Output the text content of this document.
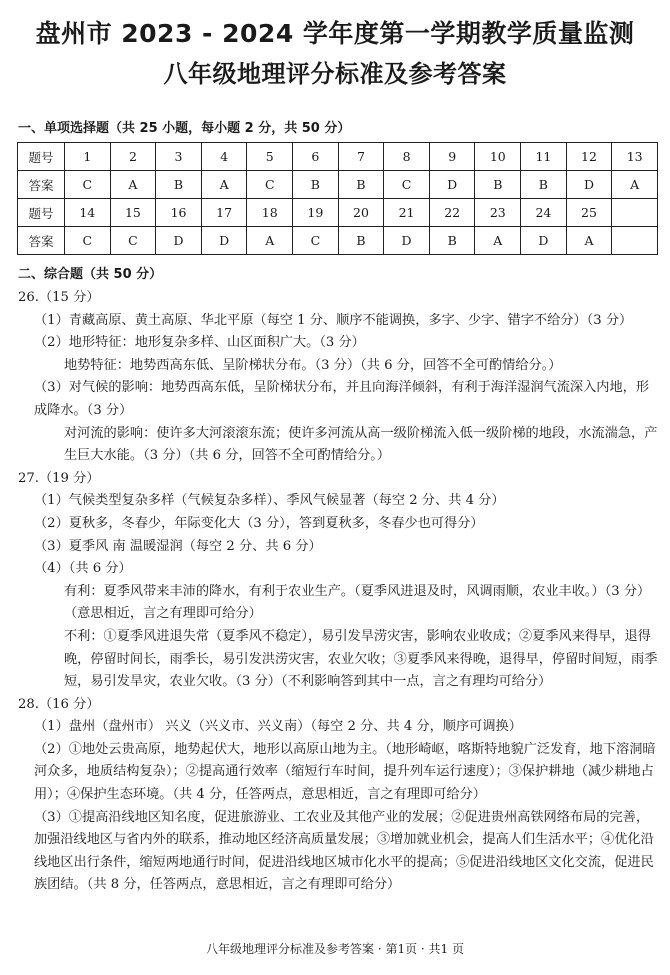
盘州市 2023 - 2024 学年度第一学期教学质量监测
八年级地理评分标准及参考答案
一、单项选择题（共 25 小题，每小题 2 分，共 50 分）
题号	1	2	3	4	5	6	7	8	9	10	11	12	13
答案	C	A	B	A	C	B	B	C	D	B	B	D	A
题号	14	15	16	17	18	19	20	21	22	23	24	25	
答案	C	C	D	D	A	C	B	D	B	A	D	A	
二、综合题（共 50 分）

26.（15 分）

（1）青藏高原、黄土高原、华北平原（每空 1 分、顺序不能调换，多字、少字、错字不给分）（3 分）

（2）地形特征：地形复杂多样、山区面积广大。（3 分）

地势特征：地势西高东低、呈阶梯状分布。（3 分）（共 6 分，回答不全可酌情给分。）

（3）对气候的影响：地势西高东低，呈阶梯状分布，并且向海洋倾斜，有利于海洋湿润气流深入内地，形成降水。（3 分）

对河流的影响：使许多大河滚滚东流；使许多河流从高一级阶梯流入低一级阶梯的地段，水流湍急，产生巨大水能。（3 分）（共 6 分，回答不全可酌情给分。）

27.（19 分）

（1）气候类型复杂多样（气候复杂多样）、季风气候显著（每空 2 分、共 4 分）

（2）夏秋多，冬春少，年际变化大（3 分），答到夏秋多，冬春少也可得分）

（3）夏季风 南 温暖湿润（每空 2 分、共 6 分）

（4）（共 6 分）

有利：夏季风带来丰沛的降水，有利于农业生产。（夏季风进退及时，风调雨顺，农业丰收。）（3 分）（意思相近，言之有理即可给分）

不利：①夏季风进退失常（夏季风不稳定），易引发旱涝灾害，影响农业收成；②夏季风来得早，退得晚，停留时间长，雨季长，易引发洪涝灾害，农业欠收；③夏季风来得晚，退得早，停留时间短，雨季短，易引发旱灾，农业欠收。（3 分）（不利影响答到其中一点，言之有理均可给分）

28.（16 分）

（1）盘州（盘州市） 兴义（兴义市、兴义南）（每空 2 分、共 4 分，顺序可调换）

（2）①地处云贵高原，地势起伏大，地形以高原山地为主。（地形崎岖，喀斯特地貌广泛发育，地下溶洞暗河众多，地质结构复杂）；②提高通行效率（缩短行车时间，提升列车运行速度）；③保护耕地（减少耕地占用）；④保护生态环境。（共 4 分，任答两点，意思相近，言之有理即可给分）

（3）①提高沿线地区知名度，促进旅游业、工农业及其他产业的发展；②促进贵州高铁网络布局的完善，加强沿线地区与省内外的联系，推动地区经济高质量发展；③增加就业机会，提高人们生活水平；④优化沿线地区出行条件，缩短两地通行时间，促进沿线地区城市化水平的提高；⑤促进沿线地区文化交流，促进民族团结。（共 8 分，任答两点，意思相近，言之有理即可给分）

八年级地理评分标准及参考答案 · 第1页 · 共1 页
